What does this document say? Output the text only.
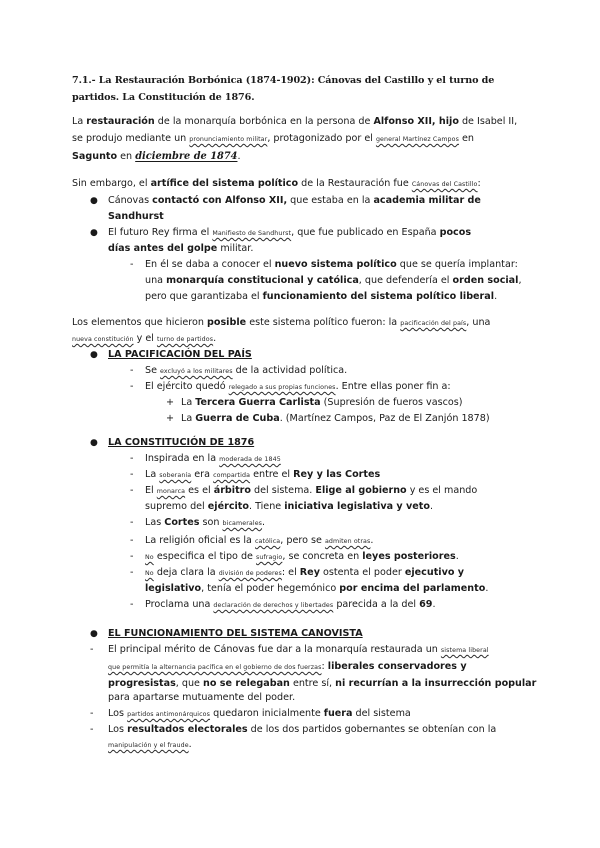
7.1.- La Restauración Borbónica (1874-1902): Cánovas del Castillo y el turno de partidos. La Constitución de 1876.
La restauración de la monarquía borbónica en la persona de Alfonso XII, hijo de Isabel II,
se produjo mediante un pronunciamiento militar, protagonizado por el general Martínez Campos en
Sagunto en diciembre de 1874.
Sin embargo, el artífice del sistema político de la Restauración fue Cánovas del Castillo:
● Cánovas contactó con Alfonso XII, que estaba en la academia militar de
Sandhurst
● El futuro Rey firma el Manifiesto de Sandhurst, que fue publicado en España pocos
días antes del golpe militar.
- En él se daba a conocer el nuevo sistema político que se quería implantar:
una monarquía constitucional y católica, que defendería el orden social,
pero que garantizaba el funcionamiento del sistema político liberal.
Los elementos que hicieron posible este sistema político fueron: la pacificación del país, una
nueva constitución y el turno de partidos.
● LA PACIFICACIÓN DEL PAÍS
- Se excluyó a los militares de la actividad política.
- El ejército quedó relegado a sus propias funciones. Entre ellas poner fin a:
+ La Tercera Guerra Carlista (Supresión de fueros vascos)
+ La Guerra de Cuba. (Martínez Campos, Paz de El Zanjón 1878)
● LA CONSTITUCIÓN DE 1876
- Inspirada en la moderada de 1845
- La soberanía era compartida entre el Rey y las Cortes
- El monarca es el árbitro del sistema. Elige al gobierno y es el mando
supremo del ejército. Tiene iniciativa legislativa y veto.
- Las Cortes son bicamerales.
- La religión oficial es la católica, pero se admiten otras.
- No especifica el tipo de sufragio, se concreta en leyes posteriores.
- No deja clara la división de poderes: el Rey ostenta el poder ejecutivo y
legislativo, tenía el poder hegemónico por encima del parlamento.
- Proclama una declaración de derechos y libertades parecida a la del 69.
● EL FUNCIONAMIENTO DEL SISTEMA CANOVISTA
- El principal mérito de Cánovas fue dar a la monarquía restaurada un sistema liberal
que permitía la alternancia pacífica en el gobierno de dos fuerzas: liberales conservadores y
progresistas, que no se relegaban entre sí, ni recurrían a la insurrección popular
para apartarse mutuamente del poder.
- Los partidos antimonárquicos quedaron inicialmente fuera del sistema
- Los resultados electorales de los dos partidos gobernantes se obtenían con la
manipulación y el fraude.
